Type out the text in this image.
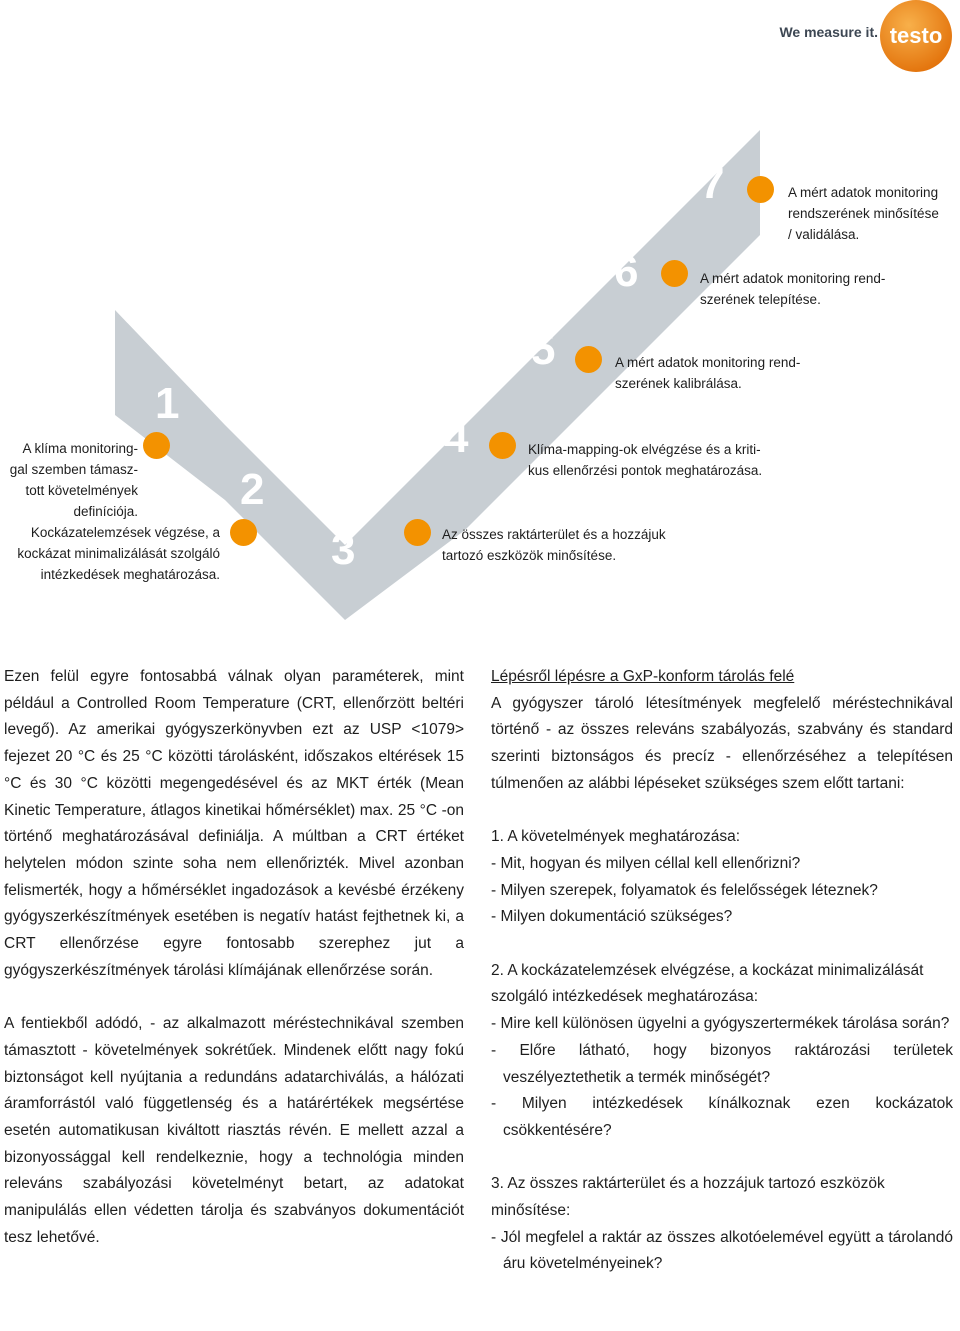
We measure it. testo
1
2
3
4
5
6
7
A klíma monitoring-
gal szemben támasz-
tott követelmények
definíciója.
Kockázatelemzések végzése, a
kockázat minimalizálását szolgáló
intézkedések meghatározása.
Az összes raktárterület és a hozzájuk
tartozó eszközök minősítése.
Klíma-mapping-ok elvégzése és a kriti-
kus ellenőrzési pontok meghatározása.
A mért adatok monitoring rend-
szerének kalibrálása.
A mért adatok monitoring rend-
szerének telepítése.
A mért adatok monitoring
rendszerének minősítése
/ validálása.

Ezen felül egyre fontosabbá válnak olyan paraméterek, mint például a Controlled Room Temperature (CRT, ellenőrzött beltéri levegő). Az amerikai gyógyszerkönyvben ezt az USP <1079> fejezet 20 °C és 25 °C közötti tárolásként, időszakos eltérések 15 °C és 30 °C közötti megengedésével és az MKT érték (Mean Kinetic Temperature, átlagos kinetikai hőmérséklet) max. 25 °C -on történő meghatározásával definiálja. A múltban a CRT értéket helytelen módon szinte soha nem ellenőrizték. Mivel azonban felismerték, hogy a hőmérséklet ingadozások a kevésbé érzékeny gyógyszerkészítmények esetében is negatív hatást fejthetnek ki, a CRT ellenőrzése egyre fontosabb szerephez jut a gyógyszerkészítmények tárolási klímájának ellenőrzése során.

A fentiekből adódó, - az alkalmazott méréstechnikával szemben támasztott - követelmények sokrétűek. Mindenek előtt nagy fokú biztonságot kell nyújtania a redundáns adatarchiválás, a hálózati áramforrástól való függetlenség és a határértékek megsértése esetén automatikusan kiváltott riasztás révén. E mellett azzal a bizonyossággal kell rendelkeznie, hogy a technológia minden releváns szabályozási követelményt betart, az adatokat manipulálás ellen védetten tárolja és szabványos dokumentációt tesz lehetővé.

Lépésről lépésre a GxP-konform tárolás felé

A gyógyszer tároló létesítmények megfelelő méréstechnikával történő - az összes releváns szabályozás, szabvány és standard szerinti biztonságos és precíz - ellenőrzéséhez a telepítésen túlmenően az alábbi lépéseket szükséges szem előtt tartani:

1. A követelmények meghatározása:

- Mit, hogyan és milyen céllal kell ellenőrizni?

- Milyen szerepek, folyamatok és felelősségek léteznek?

- Milyen dokumentáció szükséges?

2. A kockázatelemzések elvégzése, a kockázat minimalizálását szolgáló intézkedések meghatározása:

- Mire kell különösen ügyelni a gyógyszertermékek tárolása során?

- Előre látható, hogy bizonyos raktározási területek veszélyeztethetik a termék minőségét?

- Milyen intézkedések kínálkoznak ezen kockázatok csökkentésére?

3. Az összes raktárterület és a hozzájuk tartozó eszközök minősítése:

- Jól megfelel a raktár az összes alkotóelemével együtt a tárolandó áru követelményeinek?
